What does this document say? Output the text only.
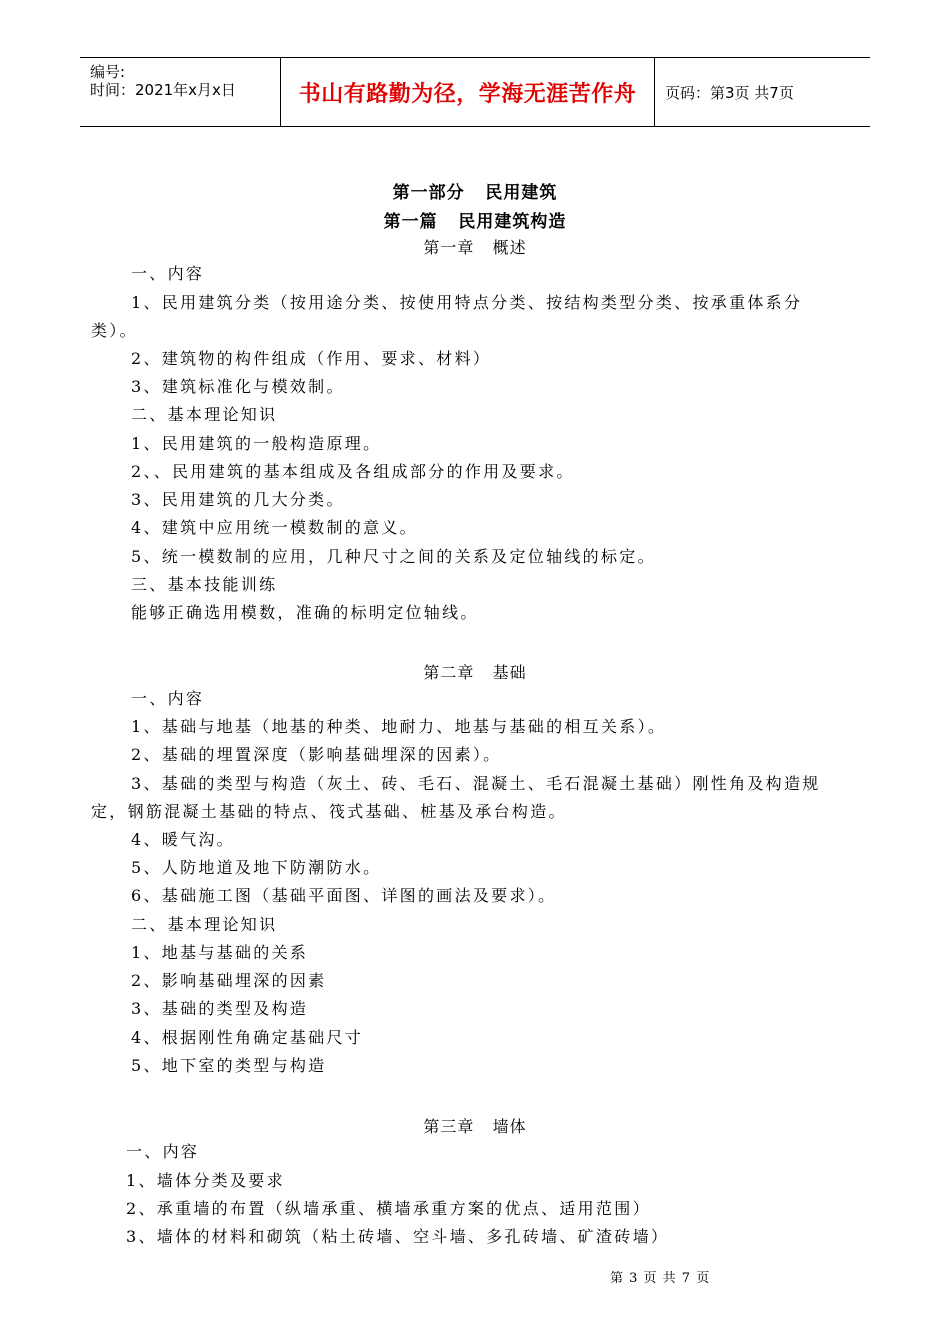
编号:
时间：2021年x月x日	书山有路勤为径，学海无涯苦作舟 页码：第3页 共7页
第一部分   民用建筑
第一篇   民用建筑构造
第一章   概述
一、内容
1、民用建筑分类（按用途分类、按使用特点分类、按结构类型分类、按承重体系分
类）。
2、建筑物的构件组成（作用、要求、材料）
3、建筑标准化与模效制。
二、基本理论知识
1、民用建筑的一般构造原理。
2、、民用建筑的基本组成及各组成部分的作用及要求。
3、民用建筑的几大分类。
4、建筑中应用统一模数制的意义。
5、统一模数制的应用，几种尺寸之间的关系及定位轴线的标定。
三、基本技能训练
能够正确选用模数，准确的标明定位轴线。
第二章   基础
一、内容
1、基础与地基（地基的种类、地耐力、地基与基础的相互关系）。
2、基础的埋置深度（影响基础埋深的因素）。
3、基础的类型与构造（灰土、砖、毛石、混凝土、毛石混凝土基础）刚性角及构造规
定，钢筋混凝土基础的特点、筏式基础、桩基及承台构造。
4、暖气沟。
5、人防地道及地下防潮防水。
6、基础施工图（基础平面图、详图的画法及要求）。
二、基本理论知识
1、地基与基础的关系
2、影响基础埋深的因素
3、基础的类型及构造
4、根据刚性角确定基础尺寸
5、地下室的类型与构造
第三章   墙体
一、内容
1、墙体分类及要求
2、承重墙的布置（纵墙承重、横墙承重方案的优点、适用范围）
3、墙体的材料和砌筑（粘土砖墙、空斗墙、多孔砖墙、矿渣砖墙）
第 3 页 共 7 页
